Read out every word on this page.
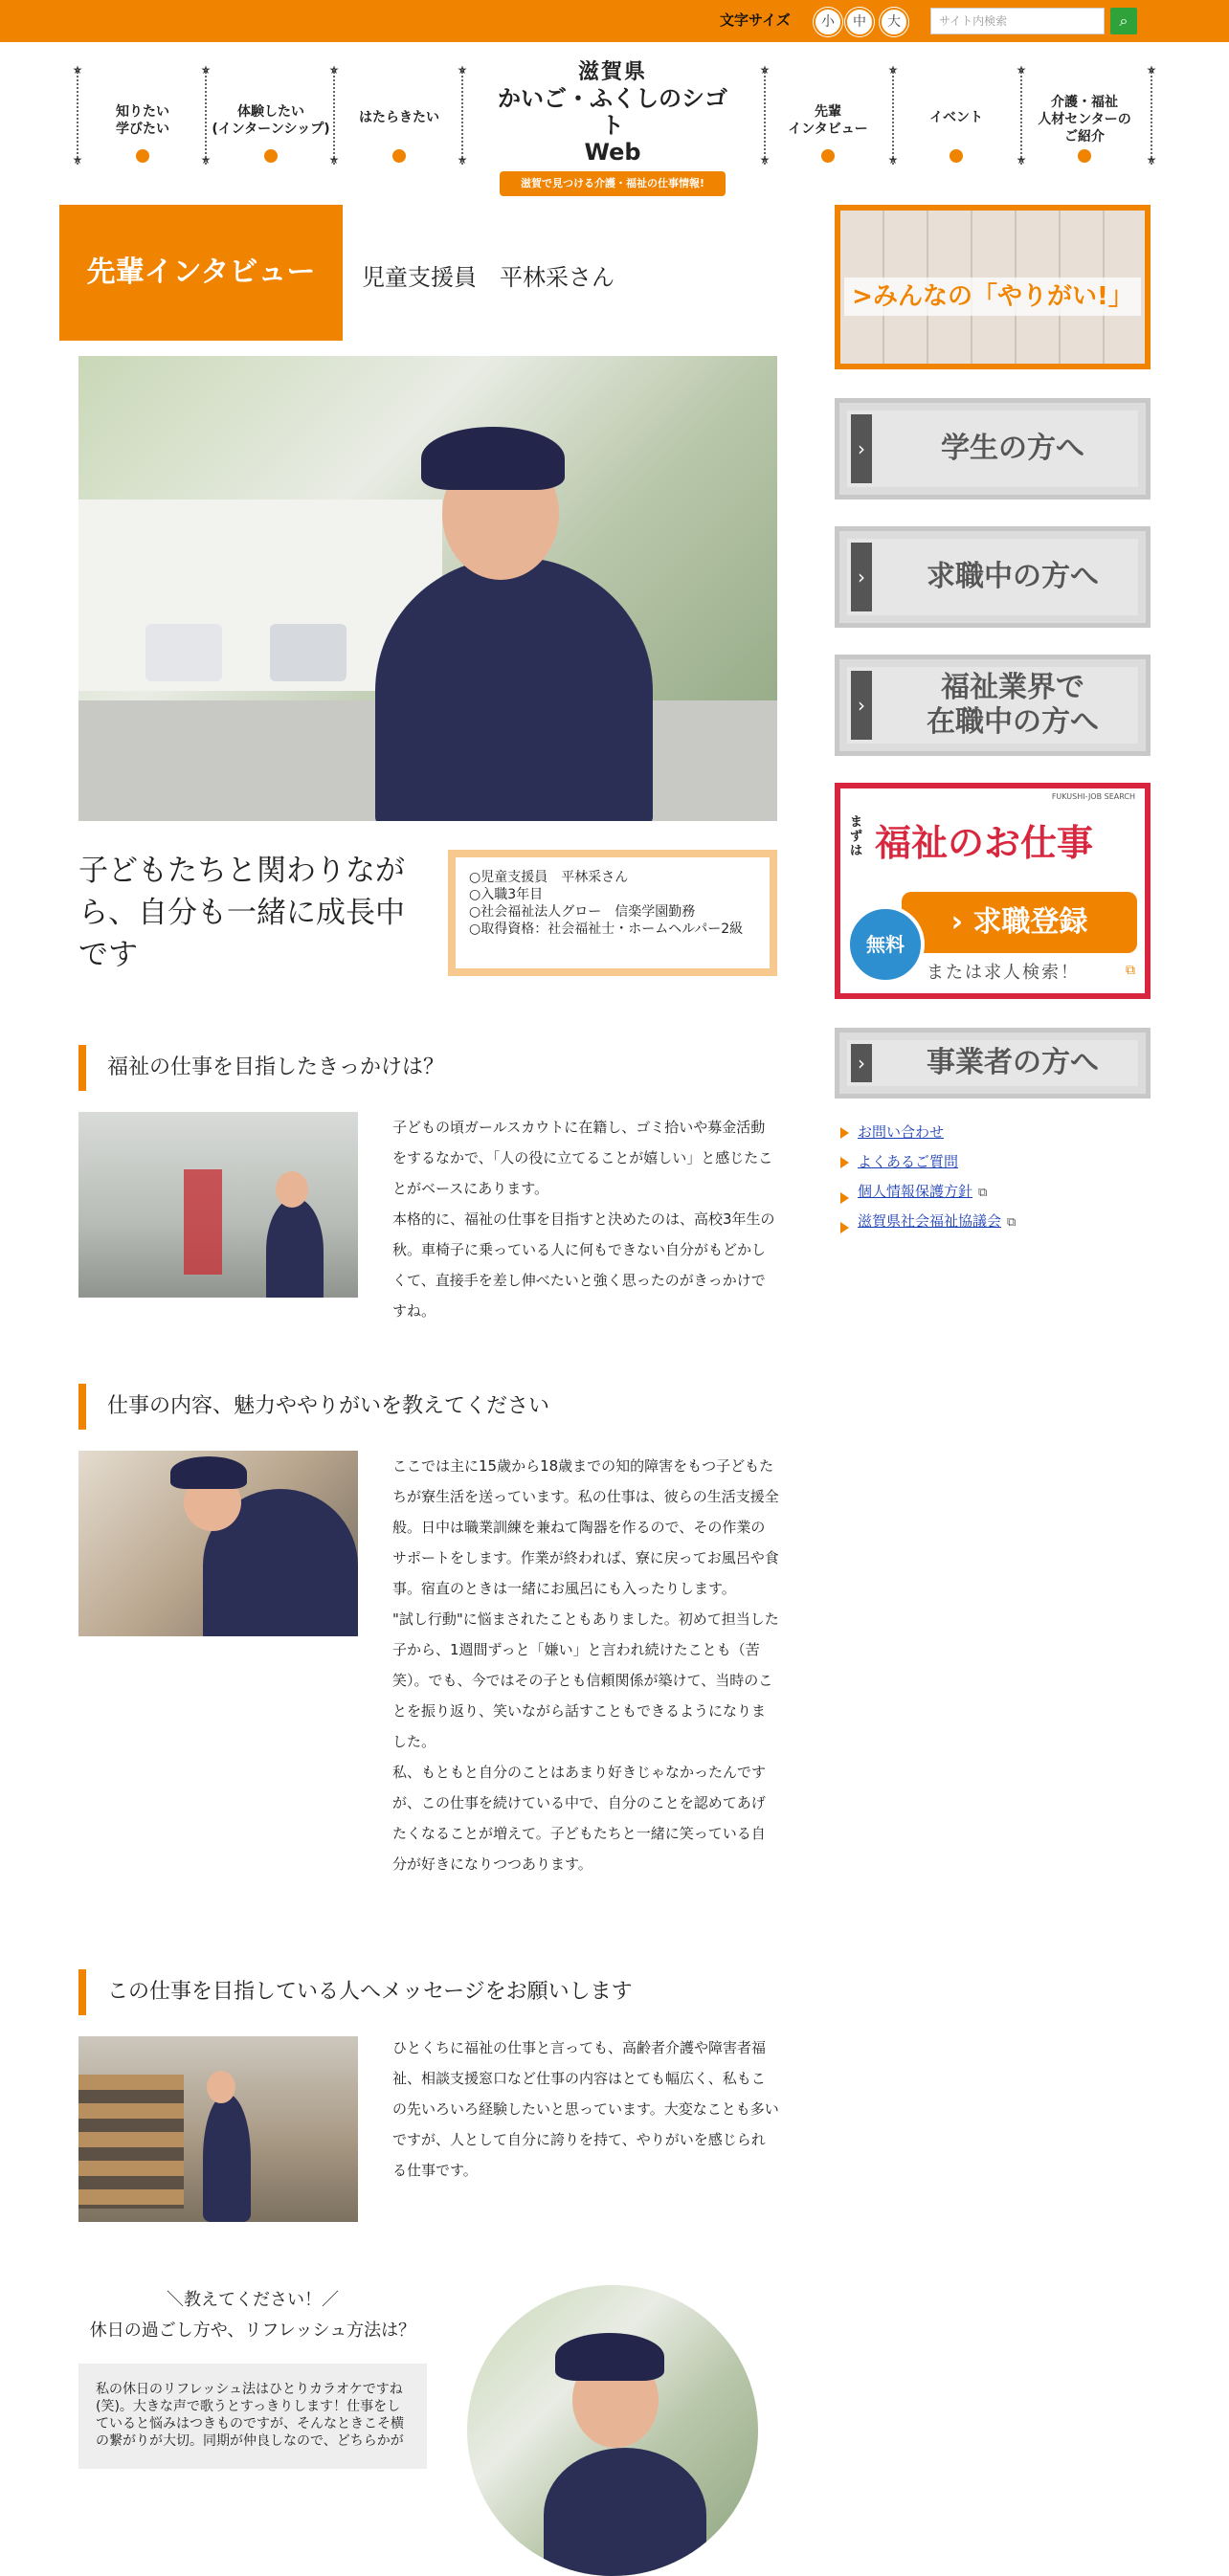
文字サイズ	小	中	大	サイト内検索	⌕
★
★
知りたい
学びたい
★
★
体験したい
(インターンシップ)
★
★
はたらきたい
★
★
滋賀県
かいご・ふくしのシゴト
Web
滋賀で見つける介護・福祉の仕事情報!
★
★
先輩
インタビュー
★
★
イベント
★
★
介護・福祉
人材センターの
ご紹介
★
★
先輩インタビュー	児童支援員　平林采さん
子どもたちと関わりながら、自分も一緒に成長中です
○児童支援員　平林采さん
○入職3年目
○社会福祉法人グロー　信楽学園勤務
○取得資格：社会福祉士・ホームヘルパー2級
福祉の仕事を目指したきっかけは？
子どもの頃ガールスカウトに在籍し、ゴミ拾いや募金活動をするなかで、「人の役に立てることが嬉しい」と感じたことがベースにあります。
本格的に、福祉の仕事を目指すと決めたのは、高校3年生の秋。車椅子に乗っている人に何もできない自分がもどかしくて、直接手を差し伸べたいと強く思ったのがきっかけですね。
仕事の内容、魅力ややりがいを教えてください
ここでは主に15歳から18歳までの知的障害をもつ子どもたちが寮生活を送っています。私の仕事は、彼らの生活支援全般。日中は職業訓練を兼ねて陶器を作るので、その作業のサポートをします。作業が終われば、寮に戻ってお風呂や食事。宿直のときは一緒にお風呂にも入ったりします。
"試し行動"に悩まされたこともありました。初めて担当した子から、1週間ずっと「嫌い」と言われ続けたことも（苦笑）。でも、今ではその子とも信頼関係が築けて、当時のことを振り返り、笑いながら話すこともできるようになりました。
私、もともと自分のことはあまり好きじゃなかったんですが、この仕事を続けている中で、自分のことを認めてあげたくなることが増えて。子どもたちと一緒に笑っている自分が好きになりつつあります。
この仕事を目指している人へメッセージをお願いします
ひとくちに福祉の仕事と言っても、高齢者介護や障害者福祉、相談支援窓口など仕事の内容はとても幅広く、私もこの先いろいろ経験したいと思っています。大変なことも多いですが、人として自分に誇りを持て、やりがいを感じられる仕事です。
＼教えてください！／
休日の過ごし方や、リフレッシュ方法は？
私の休日のリフレッシュ法はひとりカラオケですね(笑)。大きな声で歌うとすっきりします！仕事をしていると悩みはつきものですが、そんなときこそ横の繋がりが大切。同期が仲良しなので、どちらかが
>みんなの「やりがい!」
›	学生の方へ
›	求職中の方へ
›
福祉業界で
在職中の方へ
FUKUSHI-JOB SEARCH
まずは 福祉のお仕事
› 求職登録
無料
または求人検索！	⧉
›	事業者の方へ
お問い合わせ
よくあるご質問
個人情報保護方針 ⧉
滋賀県社会福祉協議会 ⧉
